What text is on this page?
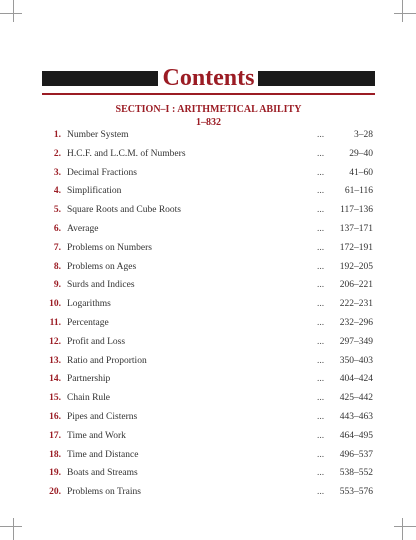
Contents
SECTION–I : ARITHMETICAL ABILITY
1–832
1. Number System	...	3–28
2. H.C.F. and L.C.M. of Numbers	...	29–40
3. Decimal Fractions	...	41–60
4. Simplification	... 61–116
5. Square Roots and Cube Roots	... 117–136
6. Average	... 137–171
7. Problems on Numbers	... 172–191
8. Problems on Ages	... 192–205
9. Surds and Indices	... 206–221
10. Logarithms	... 222–231
11. Percentage	... 232–296
12. Profit and Loss	... 297–349
13. Ratio and Proportion	... 350–403
14. Partnership	... 404–424
15. Chain Rule	... 425–442
16. Pipes and Cisterns	... 443–463
17. Time and Work	... 464–495
18. Time and Distance	... 496–537
19. Boats and Streams	... 538–552
20. Problems on Trains	... 553–576
